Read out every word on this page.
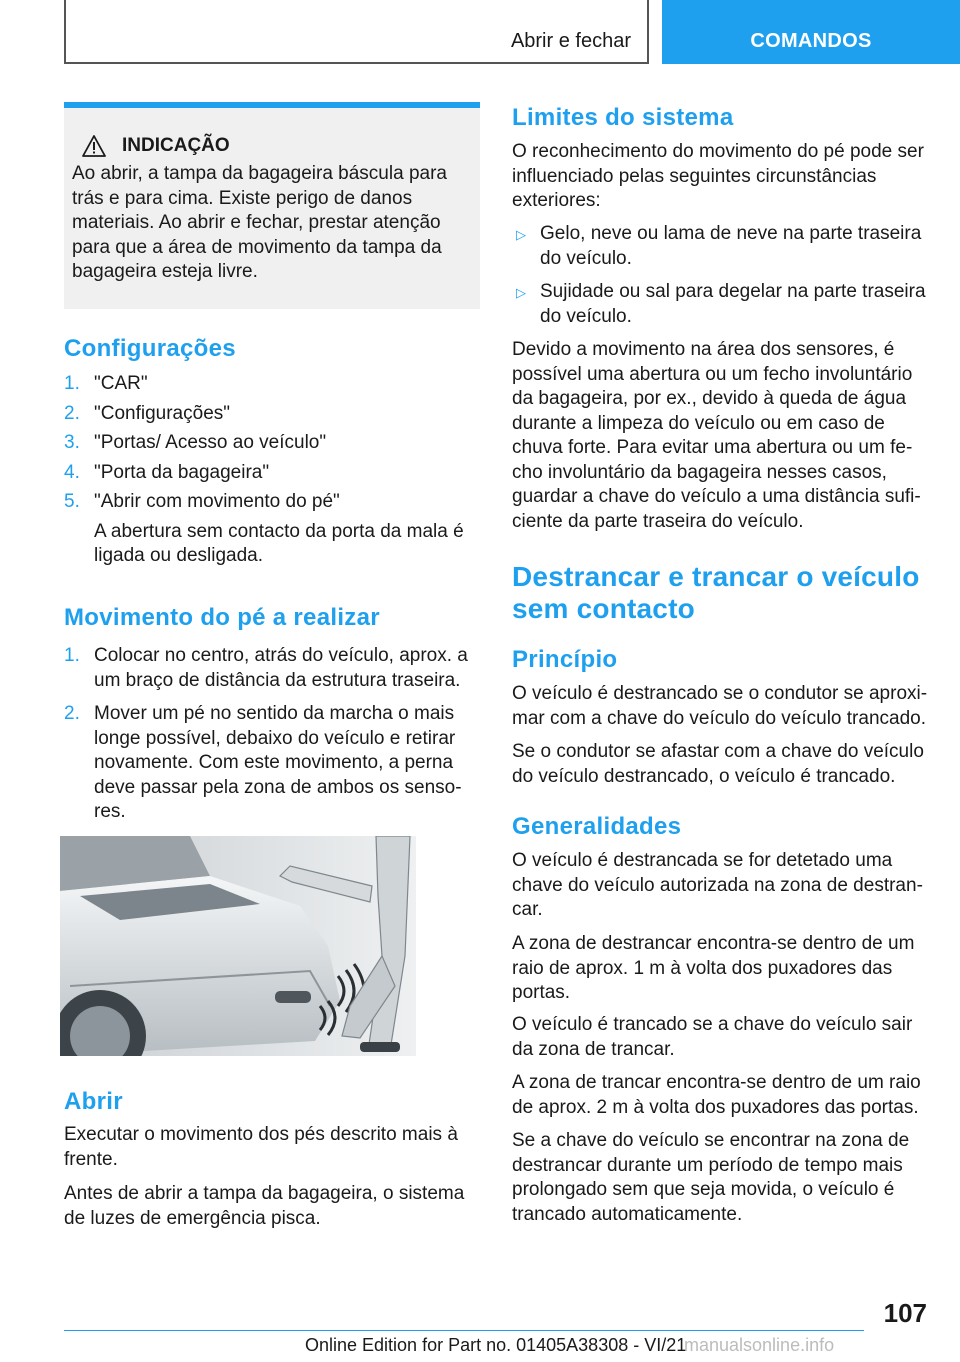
Abrir e fechar	COMANDOS
INDICAÇÃO

Ao abrir, a tampa da bagageira báscula para trás e para cima. Existe perigo de danos materiais. Ao abrir e fechar, prestar atenção para que a área de movimento da tampa da bagageira esteja livre.

Configurações
1. "CAR"
2. "Configurações"
3. "Portas/ Acesso ao veículo"
4. "Porta da bagageira"
5. "Abrir com movimento do pé"
A abertura sem contacto da porta da mala é ligada ou desligada.
Movimento do pé a realizar
1. Colocar no centro, atrás do veículo, aprox. a um braço de distância da estrutura traseira.
2. Mover um pé no sentido da marcha o mais longe possível, debaixo do veículo e retirar novamente. Com este movimento, a perna deve passar pela zona de ambos os sensores.
Abrir

Executar o movimento dos pés descrito mais à frente.

Antes de abrir a tampa da bagageira, o sistema de luzes de emergência pisca.

Limites do sistema

O reconhecimento do movimento do pé pode ser influenciado pelas seguintes circunstâncias exteriores:

▷ Gelo, neve ou lama de neve na parte traseira do veículo.
▷ Sujidade ou sal para degelar na parte traseira do veículo.

Devido a movimento na área dos sensores, é possível uma abertura ou um fecho involuntário da bagageira, por ex., devido à queda de água durante a limpeza do veículo ou em caso de chuva forte. Para evitar uma abertura ou um fecho involuntário da bagageira nesses casos, guardar a chave do veículo a uma distância suficiente da parte traseira do veículo.

Destrancar e trancar o veículo sem contacto
Princípio

O veículo é destrancado se o condutor se aproximar com a chave do veículo do veículo trancado.

Se o condutor se afastar com a chave do veículo do veículo destrancado, o veículo é trancado.

Generalidades

O veículo é destrancada se for detetado uma chave do veículo autorizada na zona de destrancar.

A zona de destrancar encontra-se dentro de um raio de aprox. 1 m à volta dos puxadores das portas.

O veículo é trancado se a chave do veículo sair da zona de trancar.

A zona de trancar encontra-se dentro de um raio de aprox. 2 m à volta dos puxadores das portas.

Se a chave do veículo se encontrar na zona de destrancar durante um período de tempo mais prolongado sem que seja movida, o veículo é trancado automaticamente.

107
Online Edition for Part no. 01405A38308 - VI/21
manualsonline.info
